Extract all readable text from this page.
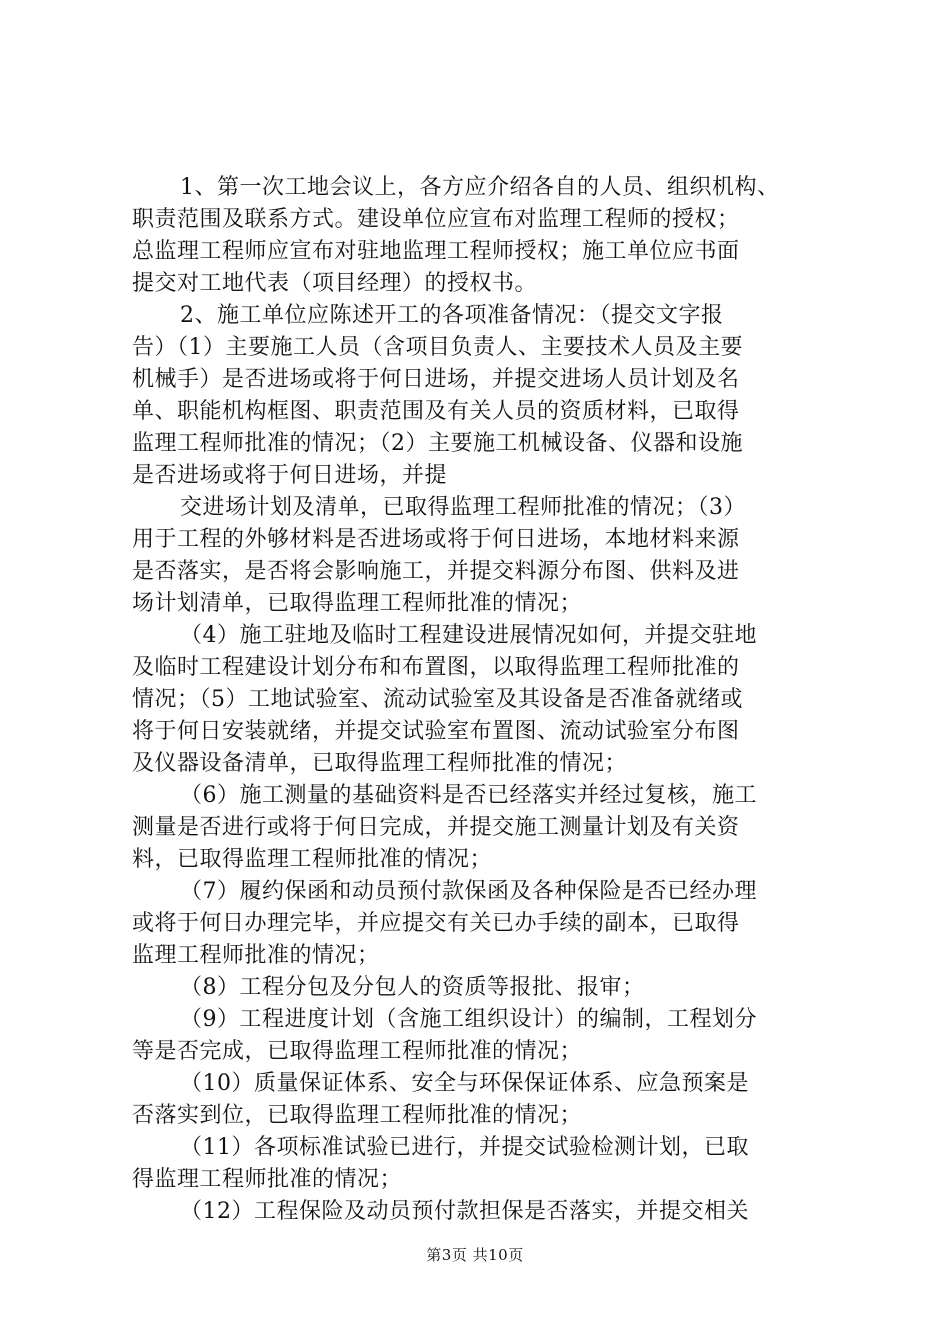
1、第一次工地会议上，各方应介绍各自的人员、组织机构、
职责范围及联系方式。建设单位应宣布对监理工程师的授权；
总监理工程师应宣布对驻地监理工程师授权；施工单位应书面
提交对工地代表（项目经理）的授权书。
2、施工单位应陈述开工的各项准备情况：（提交文字报
告）（1）主要施工人员（含项目负责人、主要技术人员及主要
机械手）是否进场或将于何日进场，并提交进场人员计划及名
单、职能机构框图、职责范围及有关人员的资质材料，已取得
监理工程师批准的情况；（2）主要施工机械设备、仪器和设施
是否进场或将于何日进场，并提
交进场计划及清单，已取得监理工程师批准的情况；（3）
用于工程的外够材料是否进场或将于何日进场，本地材料来源
是否落实，是否将会影响施工，并提交料源分布图、供料及进
场计划清单，已取得监理工程师批准的情况；
（4）施工驻地及临时工程建设进展情况如何，并提交驻地
及临时工程建设计划分布和布置图，以取得监理工程师批准的
情况；（5）工地试验室、流动试验室及其设备是否准备就绪或
将于何日安装就绪，并提交试验室布置图、流动试验室分布图
及仪器设备清单，已取得监理工程师批准的情况；
（6）施工测量的基础资料是否已经落实并经过复核，施工
测量是否进行或将于何日完成，并提交施工测量计划及有关资
料，已取得监理工程师批准的情况；
（7）履约保函和动员预付款保函及各种保险是否已经办理
或将于何日办理完毕，并应提交有关已办手续的副本，已取得
监理工程师批准的情况；
（8）工程分包及分包人的资质等报批、报审；
（9）工程进度计划（含施工组织设计）的编制，工程划分
等是否完成，已取得监理工程师批准的情况；
（10）质量保证体系、安全与环保保证体系、应急预案是
否落实到位，已取得监理工程师批准的情况；
（11）各项标准试验已进行，并提交试验检测计划，已取
得监理工程师批准的情况；
（12）工程保险及动员预付款担保是否落实，并提交相关
第3页 共10页
